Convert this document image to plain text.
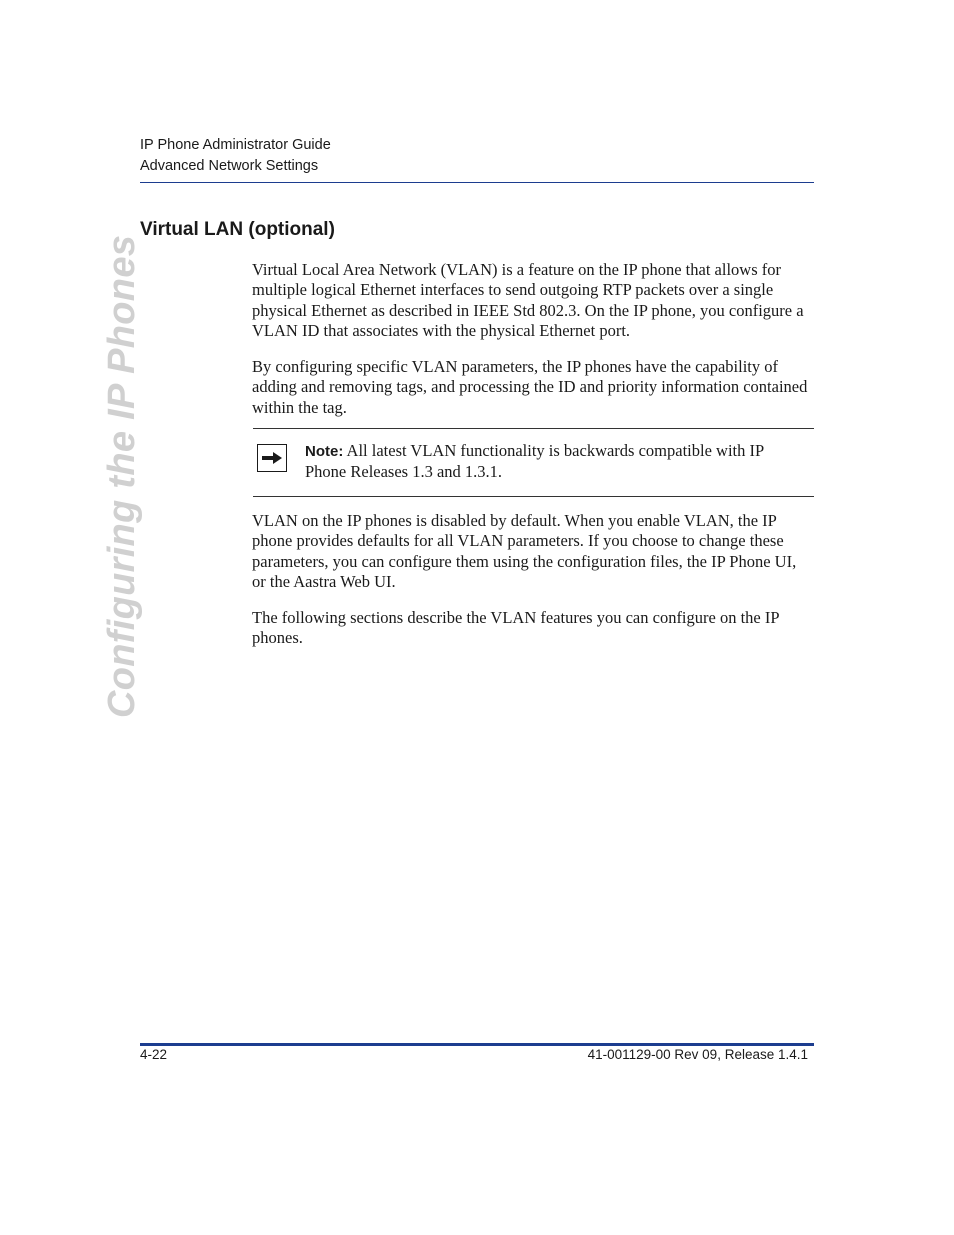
IP Phone Administrator Guide
Advanced Network Settings
Configuring the IP Phones
Virtual LAN (optional)

Virtual Local Area Network (VLAN) is a feature on the IP phone that allows for multiple logical Ethernet interfaces to send outgoing RTP packets over a single physical Ethernet as described in IEEE Std 802.3. On the IP phone, you configure a VLAN ID that associates with the physical Ethernet port.

By configuring specific VLAN parameters, the IP phones have the capability of adding and removing tags, and processing the ID and priority information contained within the tag.

Note: All latest VLAN functionality is backwards compatible with IP Phone Releases 1.3 and 1.3.1.

VLAN on the IP phones is disabled by default. When you enable VLAN, the IP phone provides defaults for all VLAN parameters. If you choose to change these parameters, you can configure them using the configuration files, the IP Phone UI, or the Aastra Web UI.

The following sections describe the VLAN features you can configure on the IP phones.

4-22	41-001129-00 Rev 09, Release 1.4.1
